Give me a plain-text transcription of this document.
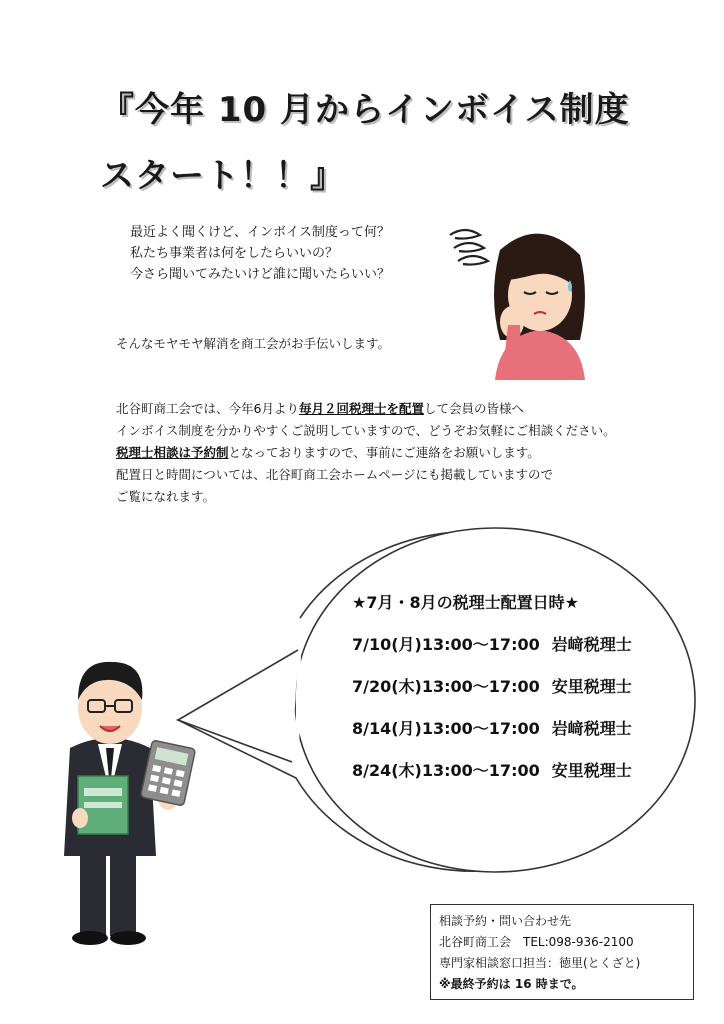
『今年 10 月からインボイス制度
スタート！！』
最近よく聞くけど、インボイス制度って何？
私たち事業者は何をしたらいいの？
今さら聞いてみたいけど誰に聞いたらいい？
そんなモヤモヤ解消を商工会がお手伝いします。
北谷町商工会では、今年6月より毎月２回税理士を配置して会員の皆様へ
インボイス制度を分かりやすくご説明していますので、どうぞお気軽にご相談ください。
税理士相談は予約制となっておりますので、事前にご連絡をお願いします。
配置日と時間については、北谷町商工会ホームページにも掲載していますので
ご覧になれます。
★7月・8月の税理士配置日時★
7/10(月)13:00～17:00 岩﨑税理士
7/20(木)13:00～17:00 安里税理士
8/14(月)13:00～17:00 岩﨑税理士
8/24(木)13:00～17:00 安里税理士
相談予約・問い合わせ先
北谷町商工会　TEL:098-936-2100
専門家相談窓口担当：徳里(とくざと)
※最終予約は 16 時まで。
